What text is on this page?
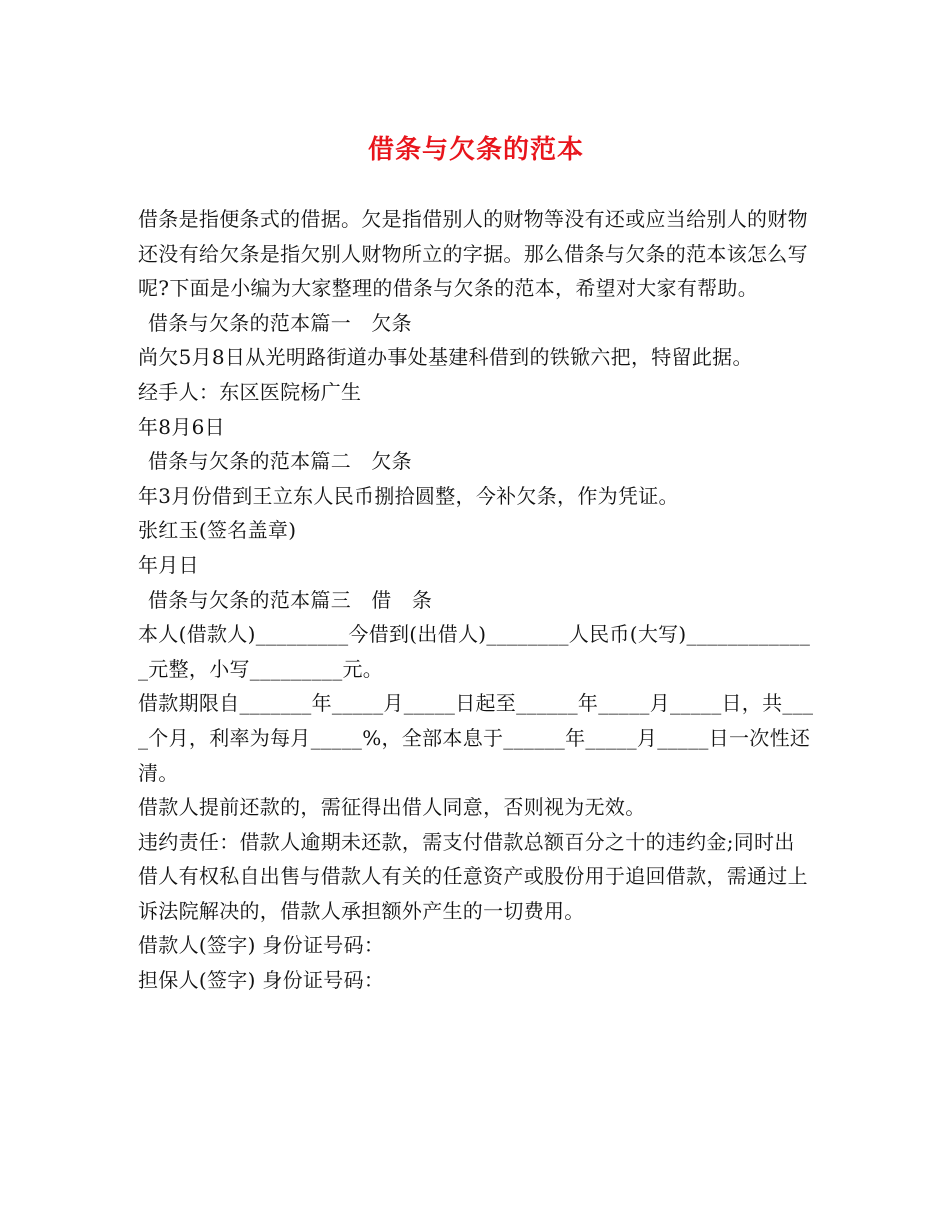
借条与欠条的范本

借条是指便条式的借据。欠是指借别人的财物等没有还或应当给别人的财物还没有给欠条是指欠别人财物所立的字据。那么借条与欠条的范本该怎么写呢?下面是小编为大家整理的借条与欠条的范本，希望对大家有帮助。

借条与欠条的范本篇一　欠条

尚欠5月8日从光明路街道办事处基建科借到的铁锨六把，特留此据。

经手人：东区医院杨广生

年8月6日

借条与欠条的范本篇二　欠条

年3月份借到王立东人民币捌拾圆整，今补欠条，作为凭证。

张红玉(签名盖章)

年月日

借条与欠条的范本篇三　借　条

本人(借款人)_________今借到(出借人)________人民币(大写)_____________元整，小写_________元。

借款期限自_______年_____月_____日起至______年_____月_____日，共____个月，利率为每月_____%，全部本息于______年_____月_____日一次性还清。

借款人提前还款的，需征得出借人同意，否则视为无效。

违约责任：借款人逾期未还款，需支付借款总额百分之十的违约金;同时出借人有权私自出售与借款人有关的任意资产或股份用于追回借款，需通过上诉法院解决的，借款人承担额外产生的一切费用。

借款人(签字) 身份证号码：

担保人(签字) 身份证号码：
